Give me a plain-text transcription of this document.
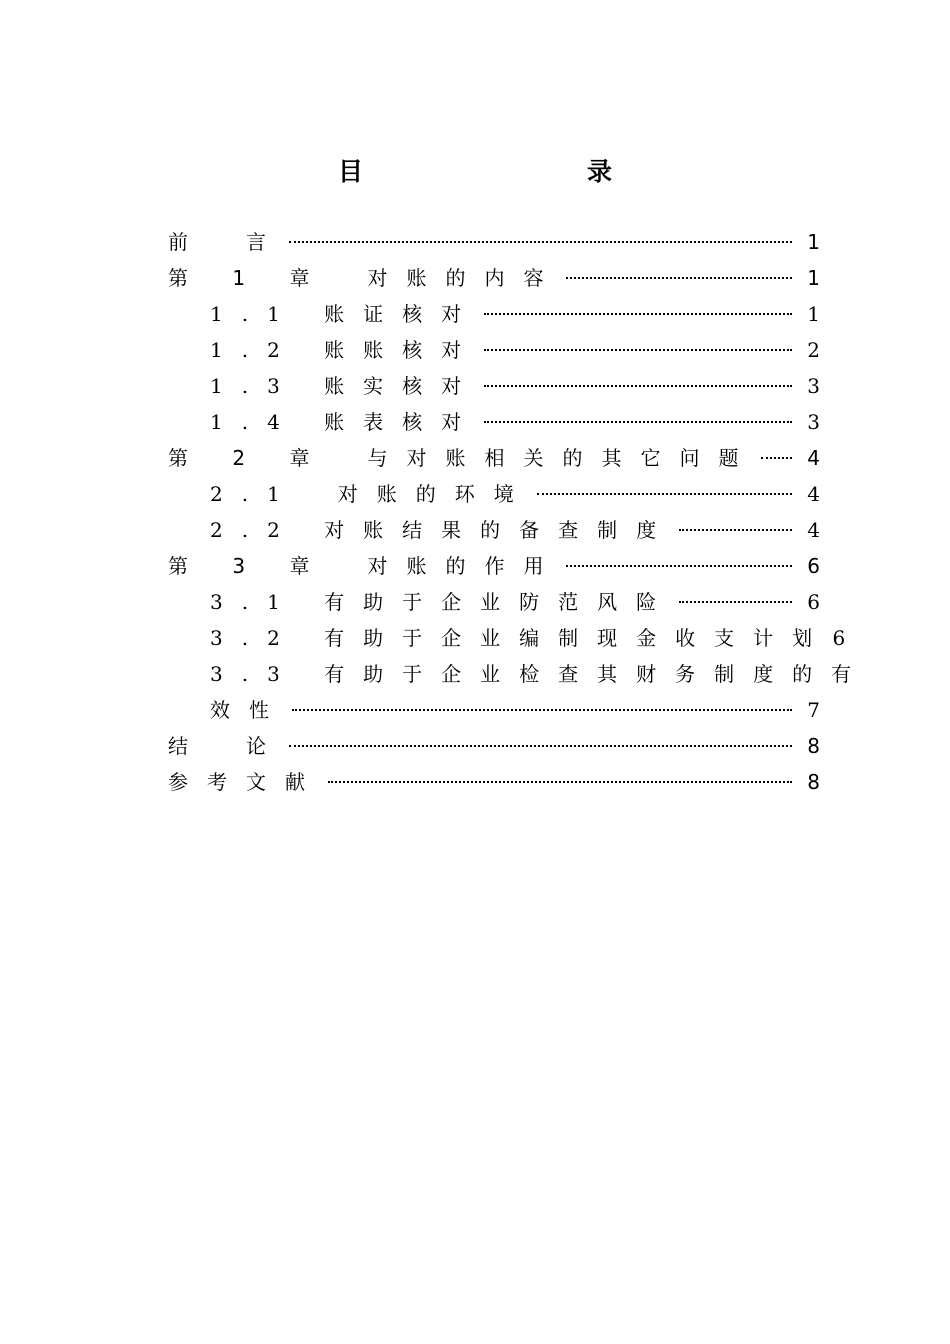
目　　录
前　言	1
第 1 章　对账的内容	1
1.1 账证核对	1
1.2 账账核对	2
1.3 账实核对	3
1.4 账表核对	3
第 2 章　与对账相关的其它问题 4
2.1　对账的环境	4
2.2 对账结果的备查制度	4
第 3 章　对账的作用	6
3.1 有助于企业防范风险	6
3.2 有助于企业编制现金收支计划 6
3.3 有助于企业检查其财务制度的有
效性	7
结　论	8
参考文献	8
